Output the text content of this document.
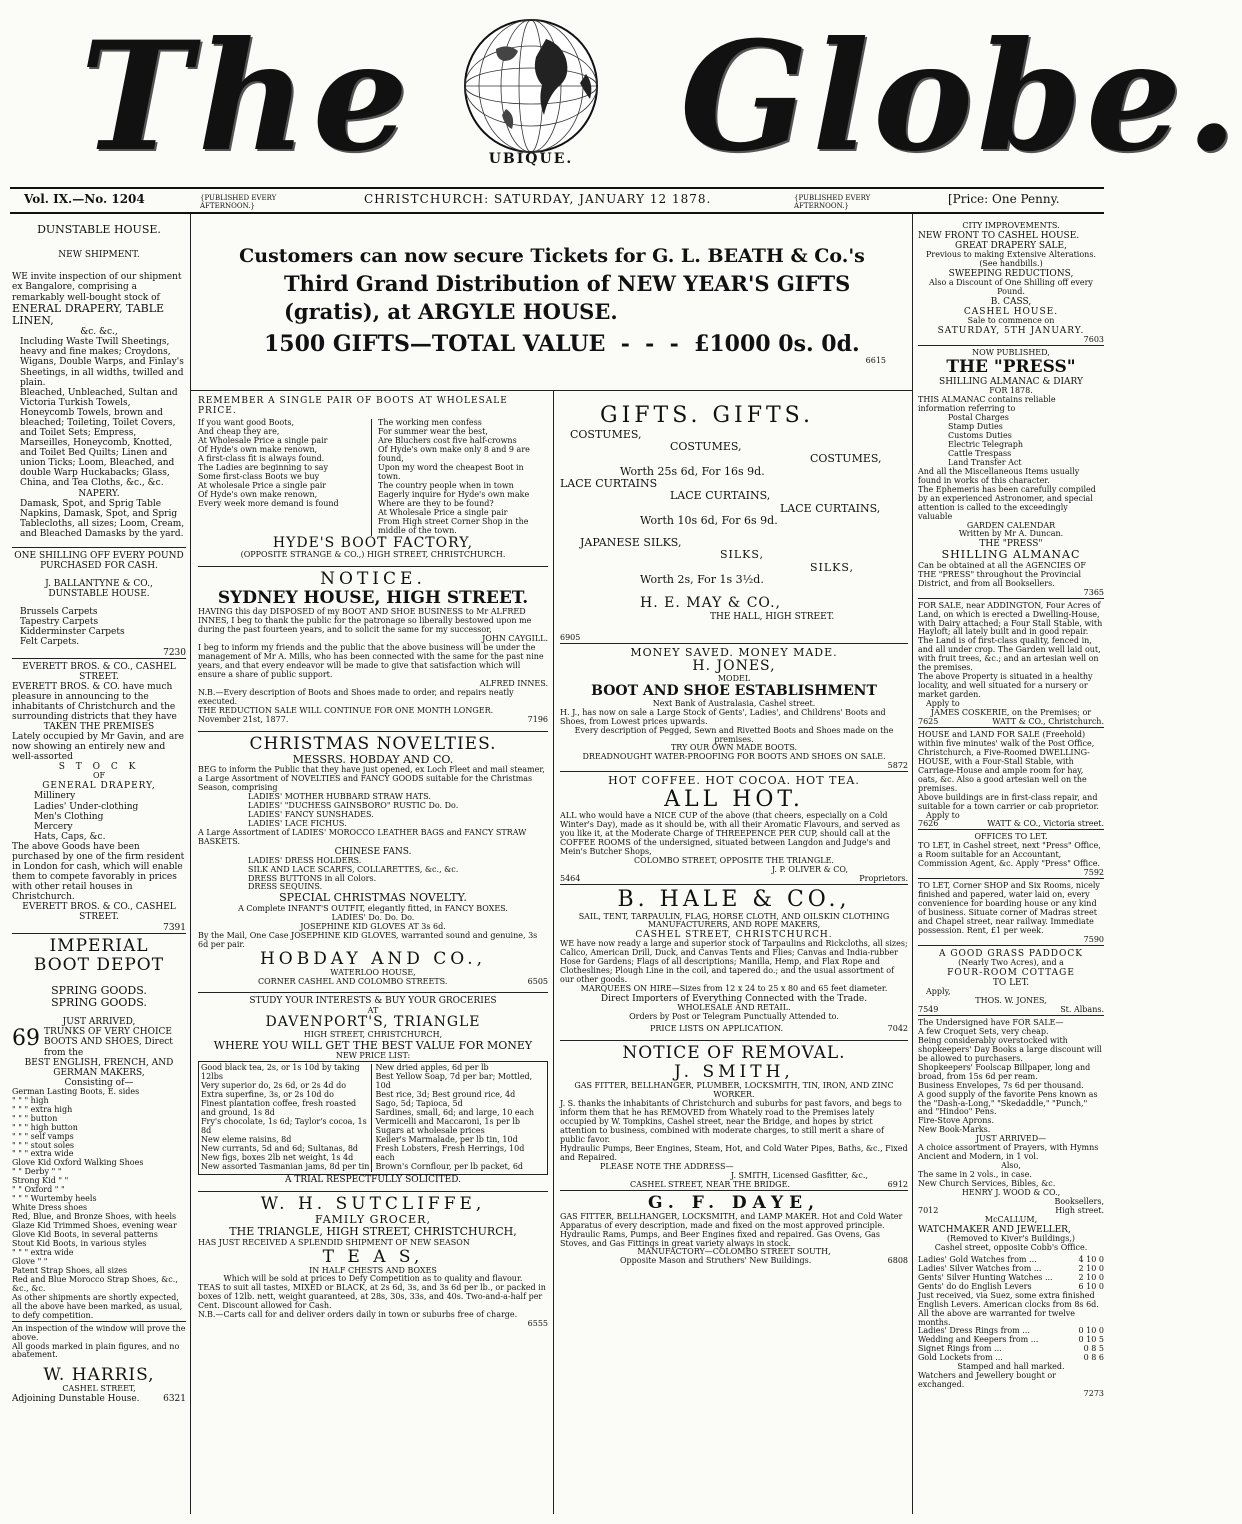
The	UBIQUE. Globe.
Vol. IX.—No. 1204	{PUBLISHED EVERY AFTERNOON.}	CHRISTCHURCH: SATURDAY, JANUARY 12 1878.	{PUBLISHED EVERY AFTERNOON.}	[Price: One Penny.

DUNSTABLE HOUSE.

NEW SHIPMENT.

WE invite inspection of our shipment ex Bangalore, comprising a remarkably well-bought stock of

ENERAL DRAPERY, TABLE LINEN,

&c. &c.,

Including Waste Twill Sheetings, heavy and fine makes; Croydons, Wigans, Double Warps, and Finlay's Sheetings, in all widths, twilled and plain.

Bleached, Unbleached, Sultan and Victoria Turkish Towels, Honeycomb Towels, brown and bleached; Toileting, Toilet Covers, and Toilet Sets; Empress, Marseilles, Honeycomb, Knotted, and Toilet Bed Quilts; Linen and union Ticks; Loom, Bleached, and double Warp Huckabacks; Glass, China, and Tea Cloths, &c., &c.

NAPERY.

Damask, Spot, and Sprig Table Napkins, Damask, Spot, and Sprig Tablecloths, all sizes; Loom, Cream, and Bleached Damasks by the yard.

ONE SHILLING OFF EVERY POUND PURCHASED FOR CASH.

J. BALLANTYNE & CO.,

DUNSTABLE HOUSE.

Brussels Carpets

Tapestry Carpets

Kidderminster Carpets

Felt Carpets.

7230

EVERETT BROS. & CO., CASHEL STREET.

EVERETT BROS. & CO. have much pleasure in announcing to the inhabitants of Christchurch and the surrounding districts that they have

TAKEN THE PREMISES

Lately occupied by Mr Gavin, and are now showing an entirely new and well-assorted

S T O C K

OF

GENERAL DRAPERY,

Millinery

Ladies' Under-clothing

Men's Clothing

Mercery

Hats, Caps, &c.

The above Goods have been purchased by one of the firm resident in London for cash, which will enable them to compete favorably in prices with other retail houses in Christchurch.

EVERETT BROS. & CO., CASHEL STREET.

7391

IMPERIAL

BOOT DEPOT

SPRING GOODS.

SPRING GOODS.

JUST ARRIVED,

69 TRUNKS OF VERY CHOICE BOOTS AND SHOES, Direct from the

BEST ENGLISH, FRENCH, AND GERMAN MAKERS,

Consisting of—

German Lasting Boots, E. sides

" " " high

" " " extra high

" " " button

" " " high button

" " " self vamps

" " " stout soles

" " " extra wide

Glove Kid Oxford Walking Shoes

" " Derby " "

Strong Kid " "

" " Oxford " "

" " " Wurtemby heels

White Dress shoes

Red, Blue, and Bronze Shoes, with heels

Glaze Kid Trimmed Shoes, evening wear

Glove Kid Boots, in several patterns

Stout Kid Boots, in various styles

" " " extra wide

Glove " "

Patent Strap Shoes, all sizes

Red and Blue Morocco Strap Shoes, &c., &c., &c.

As other shipments are shortly expected, all the above have been marked, as usual, to defy competition.

An inspection of the window will prove the above.

All goods marked in plain figures, and no abatement.

W. HARRIS,

CASHEL STREET,

Adjoining Dunstable House.	6321

Customers can now secure Tickets for G. L. BEATH & Co.'s

Third Grand Distribution of NEW YEAR'S GIFTS

(gratis), at ARGYLE HOUSE.

1500 GIFTS—TOTAL VALUE  -  -  -  £1000 0s. 0d.

6615

REMEMBER A SINGLE PAIR OF BOOTS AT WHOLESALE PRICE.

If you want good Boots,

And cheap they are,

At Wholesale Price a single pair

Of Hyde's own make renown,

A first-class fit is always found.

The Ladies are beginning to say

Some first-class Boots we buy

At wholesale Price a single pair

Of Hyde's own make renown,

Every week more demand is found

The working men confess

For summer wear the best,

Are Bluchers cost five half-crowns

Of Hyde's own make only 8 and 9 are found,

Upon my word the cheapest Boot in town.

The country people when in town

Eagerly inquire for Hyde's own make

Where are they to be found?

At Wholesale Price a single pair

From High street Corner Shop in the middle of the town.

HYDE'S BOOT FACTORY,

(OPPOSITE STRANGE & CO.,) HIGH STREET, CHRISTCHURCH.

NOTICE.

SYDNEY HOUSE, HIGH STREET.

HAVING this day DISPOSED of my BOOT AND SHOE BUSINESS to Mr ALFRED INNES, I beg to thank the public for the patronage so liberally bestowed upon me during the past fourteen years, and to solicit the same for my successor,

JOHN CAYGILL.

I beg to inform my friends and the public that the above business will be under the management of Mr A. Mills, who has been connected with the same for the past nine years, and that every endeavor will be made to give that satisfaction which will ensure a share of public support.

ALFRED INNES.

N.B.—Every description of Boots and Shoes made to order, and repairs neatly executed.

THE REDUCTION SALE WILL CONTINUE FOR ONE MONTH LONGER.

November 21st, 1877.	7196

CHRISTMAS NOVELTIES.

MESSRS. HOBDAY AND CO.

BEG to inform the Public that they have just opened, ex Loch Fleet and mail steamer, a Large Assortment of NOVELTIES and FANCY GOODS suitable for the Christmas Season, comprising

LADIES' MOTHER HUBBARD STRAW HATS.

LADIES' "DUCHESS GAINSBORO" RUSTIC Do. Do.

LADIES' FANCY SUNSHADES.

LADIES' LACE FICHUS.

A Large Assortment of LADIES' MOROCCO LEATHER BAGS and FANCY STRAW BASKETS.

CHINESE FANS.

LADIES' DRESS HOLDERS.

SILK AND LACE SCARFS, COLLARETTES, &c., &c.

DRESS BUTTONS in all Colors.

DRESS SEQUINS.

SPECIAL CHRISTMAS NOVELTY.

A Complete INFANT'S OUTFIT, elegantly fitted, in FANCY BOXES.

LADIES' Do. Do. Do.

JOSEPHINE KID GLOVES AT 3s 6d.

By the Mail, One Case JOSEPHINE KID GLOVES, warranted sound and genuine, 3s 6d per pair.

HOBDAY AND CO.,

WATERLOO HOUSE,

CORNER CASHEL AND COLOMBO STREETS.	6505

STUDY YOUR INTERESTS & BUY YOUR GROCERIES

AT

DAVENPORT'S, TRIANGLE

HIGH STREET, CHRISTCHURCH,

WHERE YOU WILL GET THE BEST VALUE FOR MONEY

NEW PRICE LIST:

Good black tea, 2s, or 1s 10d by taking 12lbs

Very superior do, 2s 6d, or 2s 4d do

Extra superfine, 3s, or 2s 10d do

Finest plantation coffee, fresh roasted and ground, 1s 8d

Fry's chocolate, 1s 6d; Taylor's cocoa, 1s 8d

New eleme raisins, 8d

New currants, 5d and 6d; Sultanas, 8d

New figs, boxes 2lb net weight, 1s 4d

New assorted Tasmanian jams, 8d per tin

New dried apples, 6d per lb

Best Yellow Soap, 7d per bar; Mottled, 10d

Best rice, 3d; Best ground rice, 4d

Sago, 5d; Tapioca, 5d

Sardines, small, 6d; and large, 10 each

Vermicelli and Maccaroni, 1s per lb

Sugars at wholesale prices

Keiler's Marmalade, per lb tin, 10d

Fresh Lobsters, Fresh Herrings, 10d each

Brown's Cornflour, per lb packet, 6d

A TRIAL RESPECTFULLY SOLICITED.

W. H. SUTCLIFFE,

FAMILY GROCER,

THE TRIANGLE, HIGH STREET, CHRISTCHURCH,

HAS JUST RECEIVED A SPLENDID SHIPMENT OF NEW SEASON

T E A S,

IN HALF CHESTS AND BOXES

Which will be sold at prices to Defy Competition as to quality and flavour.

TEAS to suit all tastes, MIXED or BLACK, at 2s 6d, 3s, and 3s 6d per lb., or packed in boxes of 12lb. nett, weight guaranteed, at 28s, 30s, 33s, and 40s. Two-and-a-half per Cent. Discount allowed for Cash.

N.B.—Carts call for and deliver orders daily in town or suburbs free of charge.

6555

GIFTS. GIFTS.

COSTUMES,

COSTUMES,

COSTUMES,

Worth 25s 6d, For 16s 9d.

LACE CURTAINS

LACE CURTAINS,

LACE CURTAINS,

Worth 10s 6d, For 6s 9d.

JAPANESE SILKS,

SILKS,

SILKS,

Worth 2s, For 1s 3½d.

H. E. MAY & CO.,

THE HALL, HIGH STREET.

6905

MONEY SAVED. MONEY MADE.

H. JONES,

MODEL

BOOT AND SHOE ESTABLISHMENT

Next Bank of Australasia, Cashel street.

H. J., has now on sale a Large Stock of Gents', Ladies', and Childrens' Boots and Shoes, from Lowest prices upwards.

Every description of Pegged, Sewn and Rivetted Boots and Shoes made on the premises.

TRY OUR OWN MADE BOOTS.

DREADNOUGHT WATER-PROOFING FOR BOOTS AND SHOES ON SALE.

5872

HOT COFFEE. HOT COCOA. HOT TEA.

ALL HOT.

ALL who would have a NICE CUP of the above (that cheers, especially on a Cold Winter's Day), made as it should be, with all their Aromatic Flavours, and served as you like it, at the Moderate Charge of THREEPENCE PER CUP, should call at the COFFEE ROOMS of the undersigned, situated between Langdon and Judge's and Mein's Butcher Shops,

COLOMBO STREET, OPPOSITE THE TRIANGLE.

J. P. OLIVER & CO,

5464	Proprietors.

B. HALE & CO.,

SAIL, TENT, TARPAULIN, FLAG, HORSE CLOTH, AND OILSKIN CLOTHING MANUFACTURERS, AND ROPE MAKERS,

CASHEL STREET, CHRISTCHURCH.

WE have now ready a large and superior stock of Tarpaulins and Rickcloths, all sizes; Calico, American Drill, Duck, and Canvas Tents and Flies; Canvas and India-rubber Hose for Gardens; Flags of all descriptions; Manilla, Hemp, and Flax Rope and Clotheslines; Plough Line in the coil, and tapered do.; and the usual assortment of our other goods.

MARQUEES ON HIRE—Sizes from 12 x 24 to 25 x 80 and 65 feet diameter.

Direct Importers of Everything Connected with the Trade.

WHOLESALE AND RETAIL.

Orders by Post or Telegram Punctually Attended to.

PRICE LISTS ON APPLICATION.	7042

NOTICE OF REMOVAL.

J. SMITH,

GAS FITTER, BELLHANGER, PLUMBER, LOCKSMITH, TIN, IRON, AND ZINC WORKER.

J. S. thanks the inhabitants of Christchurch and suburbs for past favors, and begs to inform them that he has REMOVED from Whately road to the Premises lately occupied by W. Tompkins, Cashel street, near the Bridge, and hopes by strict attention to business, combined with moderate charges, to still merit a share of public favor.

Hydraulic Pumps, Beer Engines, Steam, Hot, and Cold Water Pipes, Baths, &c., Fixed and Repaired.

PLEASE NOTE THE ADDRESS—

J. SMITH, Licensed Gasfitter, &c.,

CASHEL STREET, NEAR THE BRIDGE.	6912

G. F. DAYE,

GAS FITTER, BELLHANGER, LOCKSMITH, and LAMP MAKER. Hot and Cold Water Apparatus of every description, made and fixed on the most approved principle. Hydraulic Rams, Pumps, and Beer Engines fixed and repaired. Gas Ovens, Gas Stoves, and Gas Fittings in great variety always in stock.

MANUFACTORY—COLOMBO STREET SOUTH,

Opposite Mason and Struthers' New Buildings.	6808

CITY IMPROVEMENTS.

NEW FRONT TO CASHEL HOUSE.

GREAT DRAPERY SALE,

Previous to making Extensive Alterations. (See handbills.)

SWEEPING REDUCTIONS,

Also a Discount of One Shilling off every Pound.

B. CASS,

CASHEL HOUSE.

Sale to commence on

SATURDAY, 5TH JANUARY.

7603

NOW PUBLISHED,

THE "PRESS"

SHILLING ALMANAC & DIARY

FOR 1878.

THIS ALMANAC contains reliable information referring to

Postal Charges

Stamp Duties

Customs Duties

Electric Telegraph

Cattle Trespass

Land Transfer Act

And all the Miscellaneous Items usually found in works of this character.

The Ephemeris has been carefully compiled by an experienced Astronomer, and special attention is called to the exceedingly valuable

GARDEN CALENDAR

Written by Mr A. Duncan.

THE "PRESS"

SHILLING ALMANAC

Can be obtained at all the AGENCIES OF THE "PRESS" throughout the Provincial District, and from all Booksellers.

7365

FOR SALE, near ADDINGTON, Four Acres of Land, on which is erected a Dwelling-House, with Dairy attached; a Four Stall Stable, with Hayloft; all lately built and in good repair.

The Land is of first-class quality, fenced in, and all under crop. The Garden well laid out, with fruit trees, &c.; and an artesian well on the premises.

The above Property is situated in a healthy locality, and well situated for a nursery or market garden.

Apply to

JAMES COSKERIE, on the Premises; or

7625	WATT & CO., Christchurch.

HOUSE and LAND FOR SALE (Freehold) within five minutes' walk of the Post Office, Christchurch, a Five-Roomed DWELLING-HOUSE, with a Four-Stall Stable, with Carriage-House and ample room for hay, oats, &c. Also a good artesian well on the premises.

Above buildings are in first-class repair, and suitable for a town carrier or cab proprietor.

Apply to

7626	WATT & CO., Victoria street.

OFFICES TO LET.

TO LET, in Cashel street, next "Press" Office, a Room suitable for an Accountant, Commission Agent, &c. Apply "Press" Office.

7592

TO LET, Corner SHOP and Six Rooms, nicely finished and papered, water laid on, every convenience for boarding house or any kind of business. Situate corner of Madras street and Chapel street, near railway. Immediate possession. Rent, £1 per week.

7590

A GOOD GRASS PADDOCK

(Nearly Two Acres), and a

FOUR-ROOM COTTAGE

TO LET.

Apply,

THOS. W. JONES,

7549	St. Albans.

The Undersigned have FOR SALE—

A few Croquet Sets, very cheap.

Being considerably overstocked with shopkeepers' Day Books a large discount will be allowed to purchasers.

Shopkeepers' Foolscap Billpaper, long and broad, from 15s 6d per ream.

Business Envelopes, 7s 6d per thousand.

A good supply of the favorite Pens known as the "Dash-a-Long," "Skedaddle," "Punch," and "Hindoo" Pens.

Fire-Stove Aprons.

New Book-Marks.

JUST ARRIVED—

A choice assortment of Prayers, with Hymns Ancient and Modern, in 1 vol.

Also,

The same in 2 vols., in case.

New Church Services, Bibles, &c.

HENRY J. WOOD & CO.,

Booksellers,

7012	High street.

McCALLUM,

WATCHMAKER AND JEWELLER,

(Removed to Kiver's Buildings,)

Cashel street, opposite Cobb's Office.

Ladies' Gold Watches from ...	4 10 0
Ladies' Silver Watches from ...	2 10 0
Gents' Silver Hunting Watches ...	2 10 0
Gents' do do English Levers	6 10 0

Just received, via Suez, some extra finished English Levers. American clocks from 8s 6d. All the above are warranted for twelve months.

Ladies' Dress Rings from ...	0 10 0
Wedding and Keepers from ...	0 10 5
Signet Rings from ...	0 8 5
Gold Lockets from ...	0 8 6

Stamped and hall marked.

Watchers and Jewellery bought or exchanged.

7273
